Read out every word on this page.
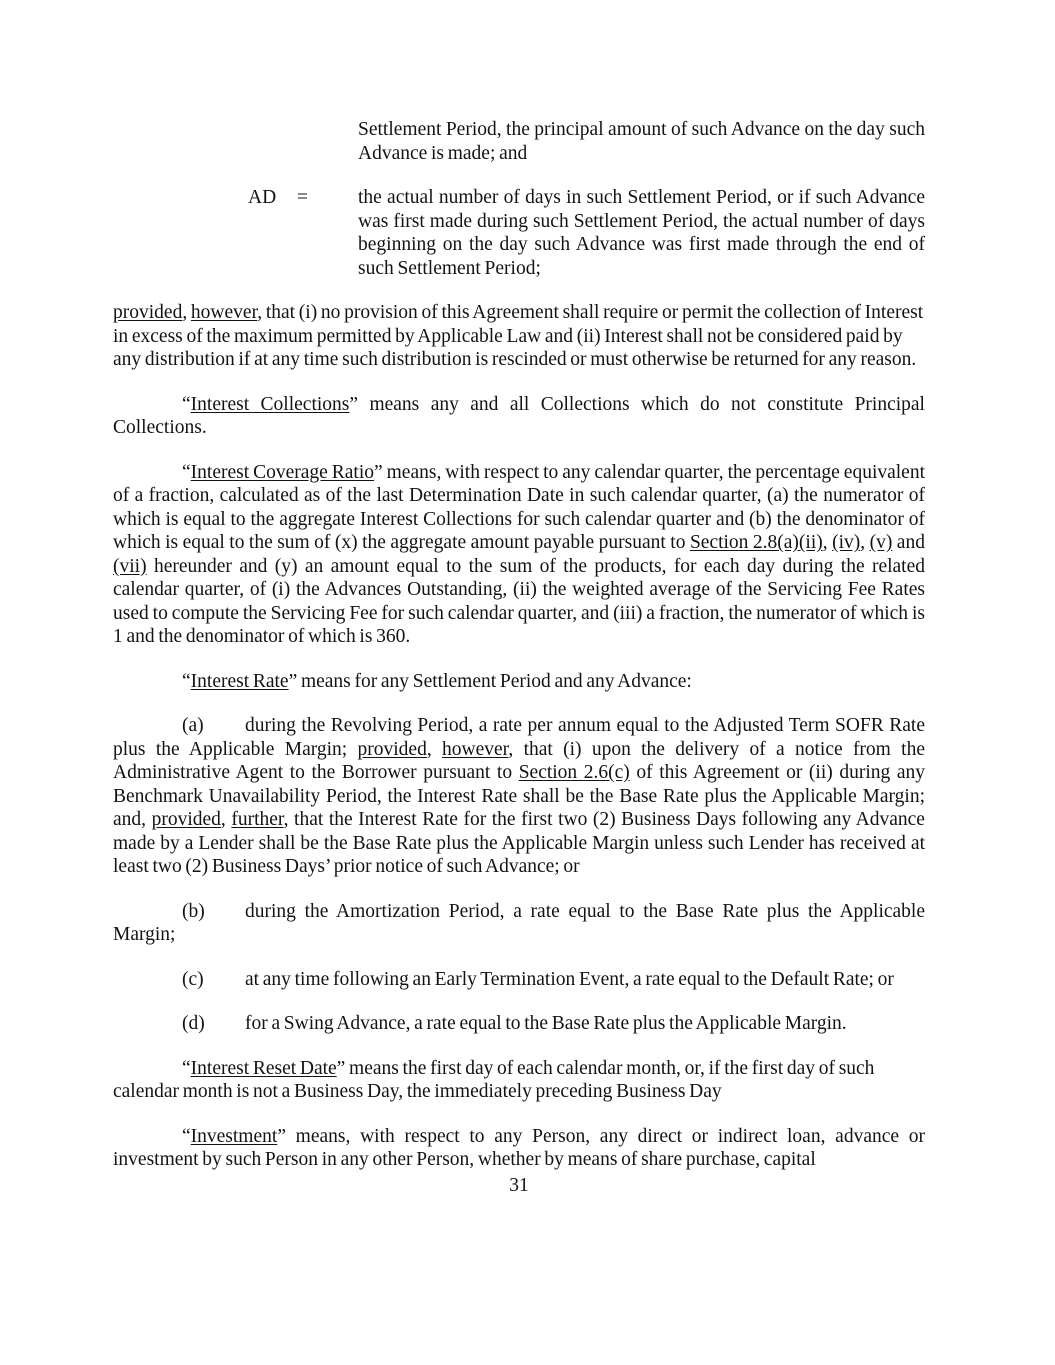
Settlement Period, the principal amount of such Advance on the day such Advance is made; and
AD	=	the actual number of days in such Settlement Period, or if such Advance was first made during such Settlement Period, the actual number of days beginning on the day such Advance was first made through the end of such Settlement Period;
provided, however, that (i) no provision of this Agreement shall require or permit the collection of Interest in excess of the maximum permitted by Applicable Law and (ii) Interest shall not be considered paid by any distribution if at any time such distribution is rescinded or must otherwise be returned for any reason.
“Interest Collections” means any and all Collections which do not constitute Principal Collections.
“Interest Coverage Ratio” means, with respect to any calendar quarter, the percentage equivalent of a fraction, calculated as of the last Determination Date in such calendar quarter, (a) the numerator of which is equal to the aggregate Interest Collections for such calendar quarter and (b) the denominator of which is equal to the sum of (x) the aggregate amount payable pursuant to Section 2.8(a)(ii), (iv), (v) and (vii) hereunder and (y) an amount equal to the sum of the products, for each day during the related calendar quarter, of (i) the Advances Outstanding, (ii) the weighted average of the Servicing Fee Rates used to compute the Servicing Fee for such calendar quarter, and (iii) a fraction, the numerator of which is 1 and the denominator of which is 360.
“Interest Rate” means for any Settlement Period and any Advance:
(a) during the Revolving Period, a rate per annum equal to the Adjusted Term SOFR Rate plus the Applicable Margin; provided, however, that (i) upon the delivery of a notice from the Administrative Agent to the Borrower pursuant to Section 2.6(c) of this Agreement or (ii) during any Benchmark Unavailability Period, the Interest Rate shall be the Base Rate plus the Applicable Margin; and, provided, further, that the Interest Rate for the first two (2) Business Days following any Advance made by a Lender shall be the Base Rate plus the Applicable Margin unless such Lender has received at least two (2) Business Days’ prior notice of such Advance; or
(b) during the Amortization Period, a rate equal to the Base Rate plus the Applicable Margin;
(c) at any time following an Early Termination Event, a rate equal to the Default Rate; or
(d) for a Swing Advance, a rate equal to the Base Rate plus the Applicable Margin.
“Interest Reset Date” means the first day of each calendar month, or, if the first day of such calendar month is not a Business Day, the immediately preceding Business Day
“Investment” means, with respect to any Person, any direct or indirect loan, advance or investment by such Person in any other Person, whether by means of share purchase, capital
31
